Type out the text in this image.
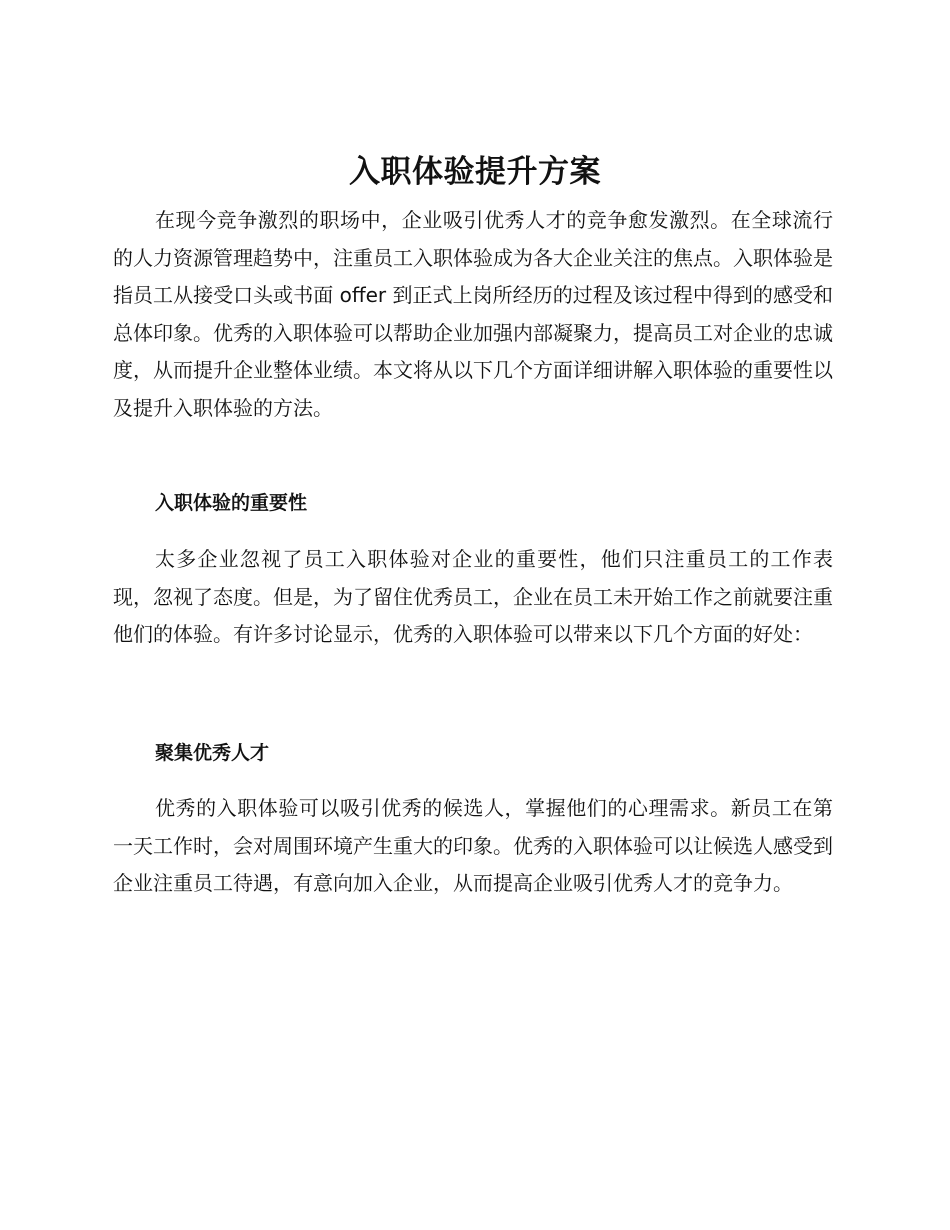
入职体验提升方案

在现今竞争激烈的职场中，企业吸引优秀人才的竞争愈发激烈。在全球流行的人力资源管理趋势中，注重员工入职体验成为各大企业关注的焦点。入职体验是指员工从接受口头或书面 offer 到正式上岗所经历的过程及该过程中得到的感受和总体印象。优秀的入职体验可以帮助企业加强内部凝聚力，提高员工对企业的忠诚度，从而提升企业整体业绩。本文将从以下几个方面详细讲解入职体验的重要性以及提升入职体验的方法。

入职体验的重要性

太多企业忽视了员工入职体验对企业的重要性，他们只注重员工的工作表现，忽视了态度。但是，为了留住优秀员工，企业在员工未开始工作之前就要注重他们的体验。有许多讨论显示，优秀的入职体验可以带来以下几个方面的好处：

聚集优秀人才

优秀的入职体验可以吸引优秀的候选人，掌握他们的心理需求。新员工在第一天工作时，会对周围环境产生重大的印象。优秀的入职体验可以让候选人感受到企业注重员工待遇，有意向加入企业，从而提高企业吸引优秀人才的竞争力。
